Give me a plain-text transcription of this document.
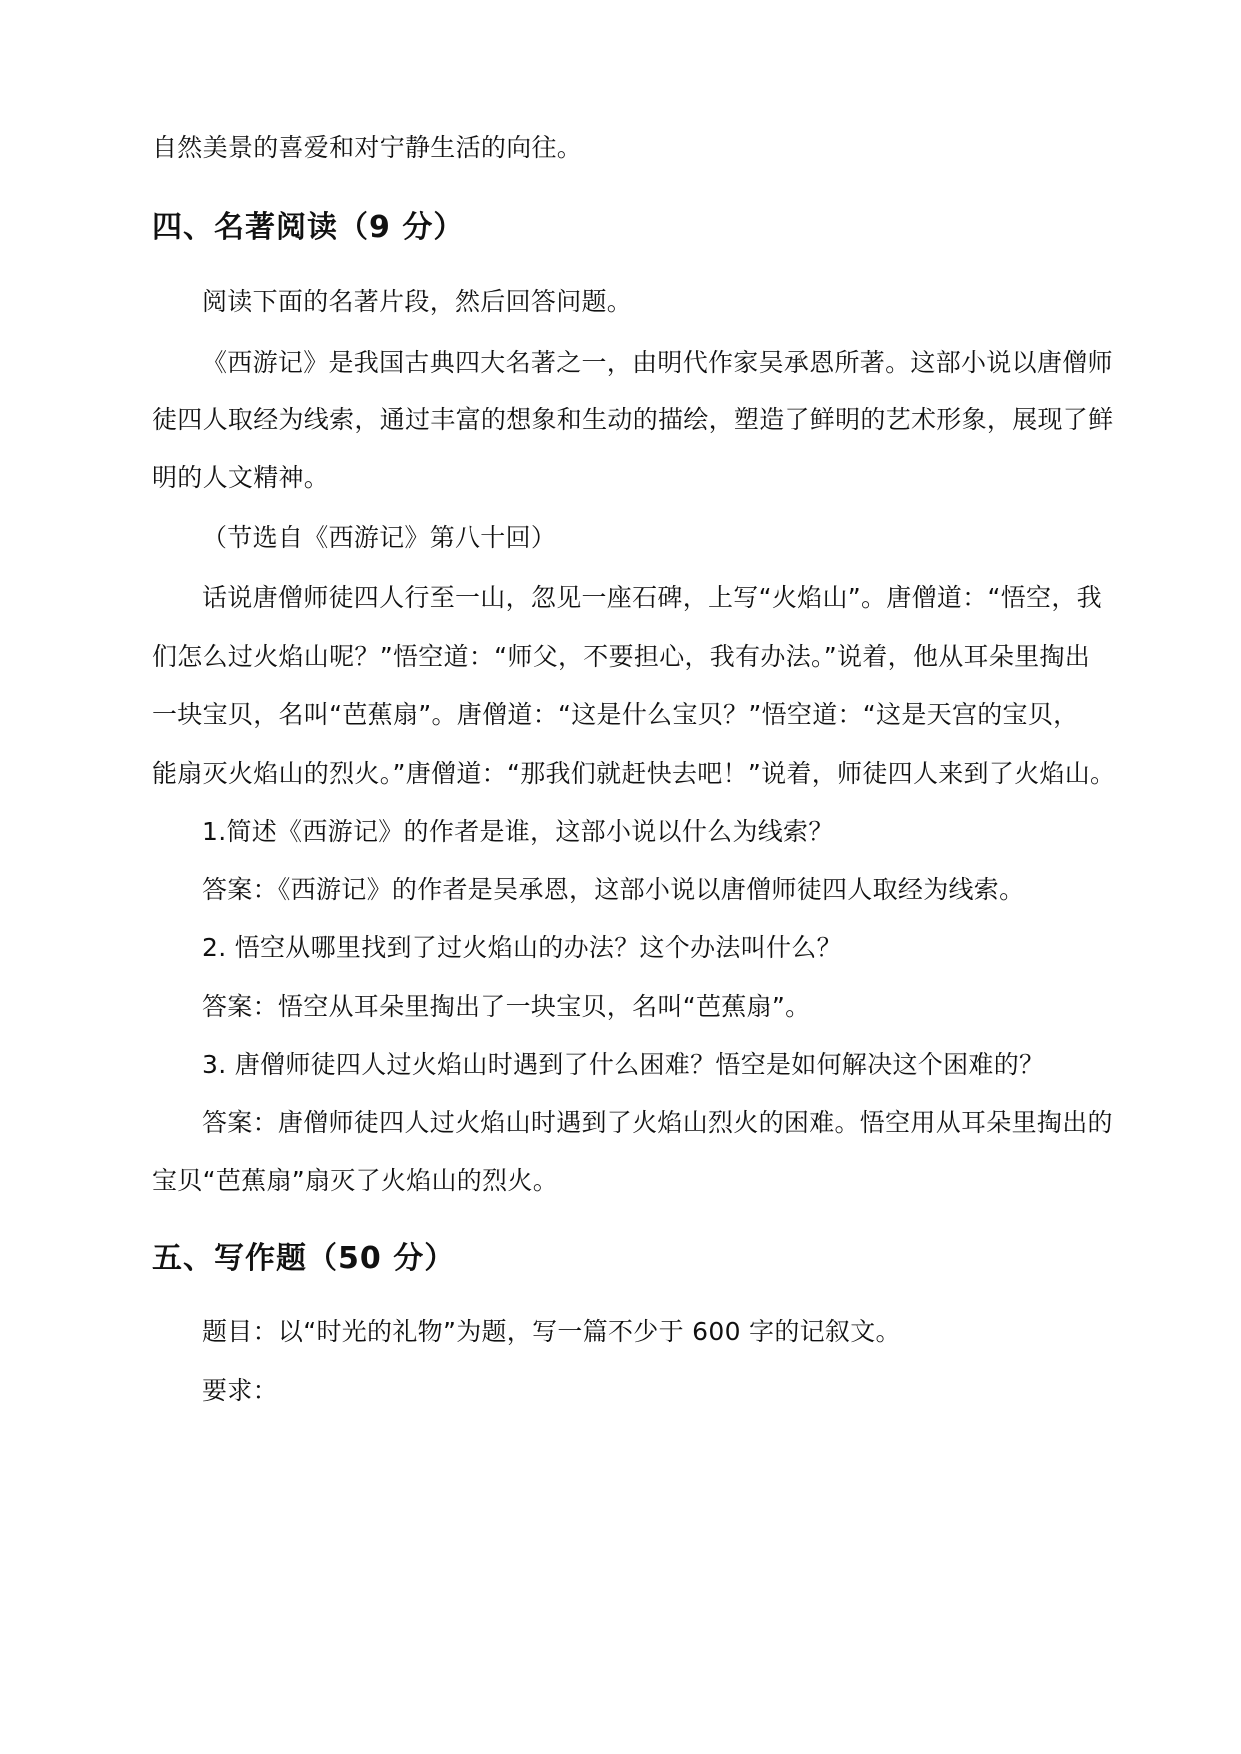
自然美景的喜爱和对宁静生活的向往。
四、名著阅读（9 分）
阅读下面的名著片段，然后回答问题。
《西游记》是我国古典四大名著之一，由明代作家吴承恩所著。这部小说以唐僧师
徒四人取经为线索，通过丰富的想象和生动的描绘，塑造了鲜明的艺术形象，展现了鲜
明的人文精神。
（节选自《西游记》第八十回）
话说唐僧师徒四人行至一山，忽见一座石碑，上写“火焰山”。唐僧道：“悟空，我
们怎么过火焰山呢？”悟空道：“师父，不要担心，我有办法。”说着，他从耳朵里掏出
一块宝贝，名叫“芭蕉扇”。唐僧道：“这是什么宝贝？”悟空道：“这是天宫的宝贝，
能扇灭火焰山的烈火。”唐僧道：“那我们就赶快去吧！”说着，师徒四人来到了火焰山。
1.简述《西游记》的作者是谁，这部小说以什么为线索？
答案：《西游记》的作者是吴承恩，这部小说以唐僧师徒四人取经为线索。
2. 悟空从哪里找到了过火焰山的办法？这个办法叫什么？
答案：悟空从耳朵里掏出了一块宝贝，名叫“芭蕉扇”。
3. 唐僧师徒四人过火焰山时遇到了什么困难？悟空是如何解决这个困难的？
答案：唐僧师徒四人过火焰山时遇到了火焰山烈火的困难。悟空用从耳朵里掏出的
宝贝“芭蕉扇”扇灭了火焰山的烈火。
五、写作题（50 分）
题目：以“时光的礼物”为题，写一篇不少于 600 字的记叙文。
要求：
